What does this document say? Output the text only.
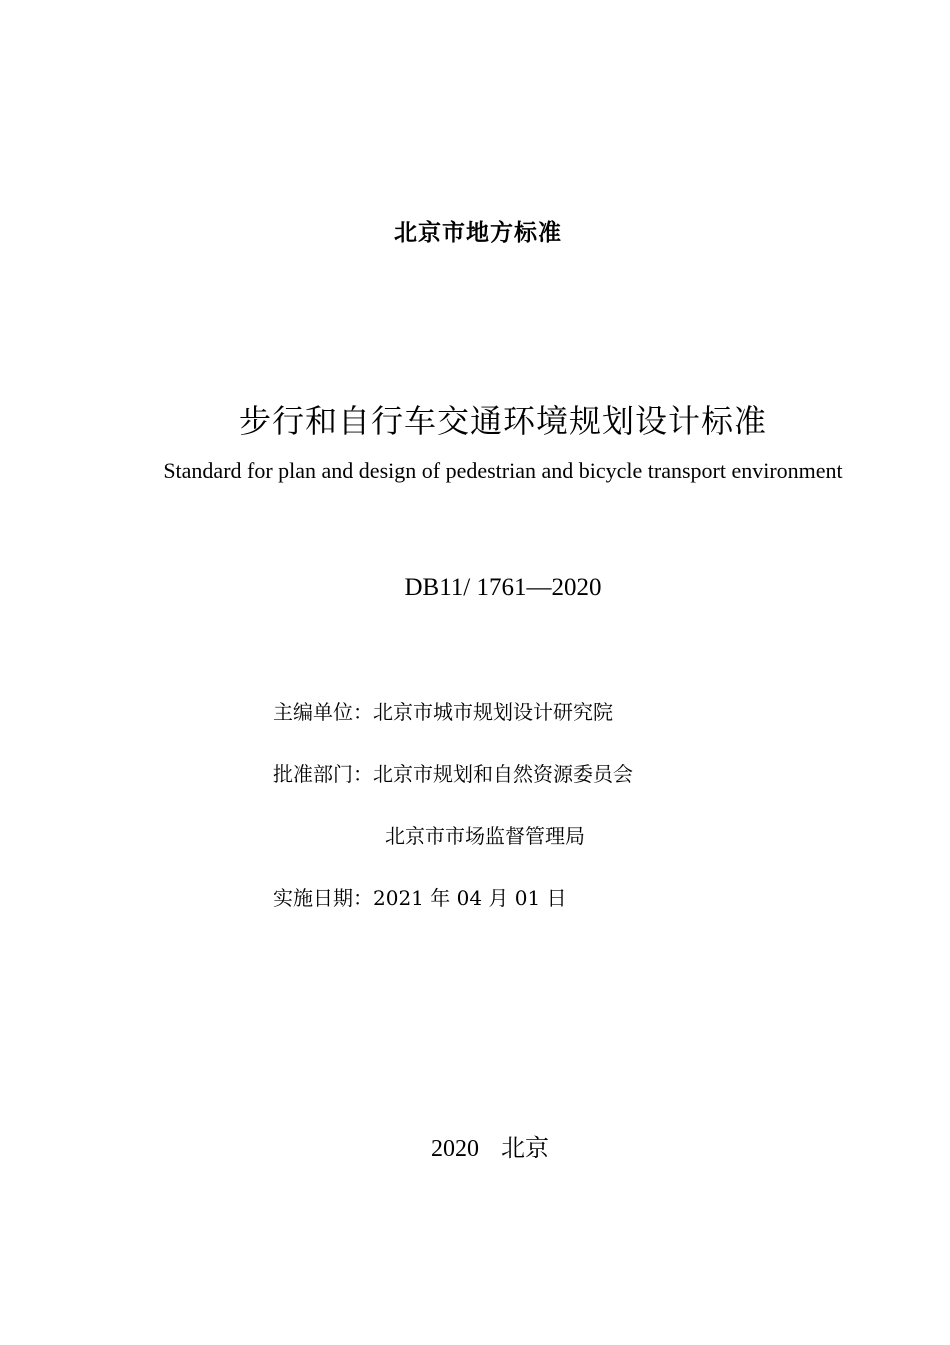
北京市地方标准
步行和自行车交通环境规划设计标准
Standard for plan and design of pedestrian and bicycle transport environment
DB11/ 1761—2020
主编单位：北京市城市规划设计研究院
批准部门：北京市规划和自然资源委员会
北京市市场监督管理局
实施日期：2021 年 04 月 01 日
2020 北京
